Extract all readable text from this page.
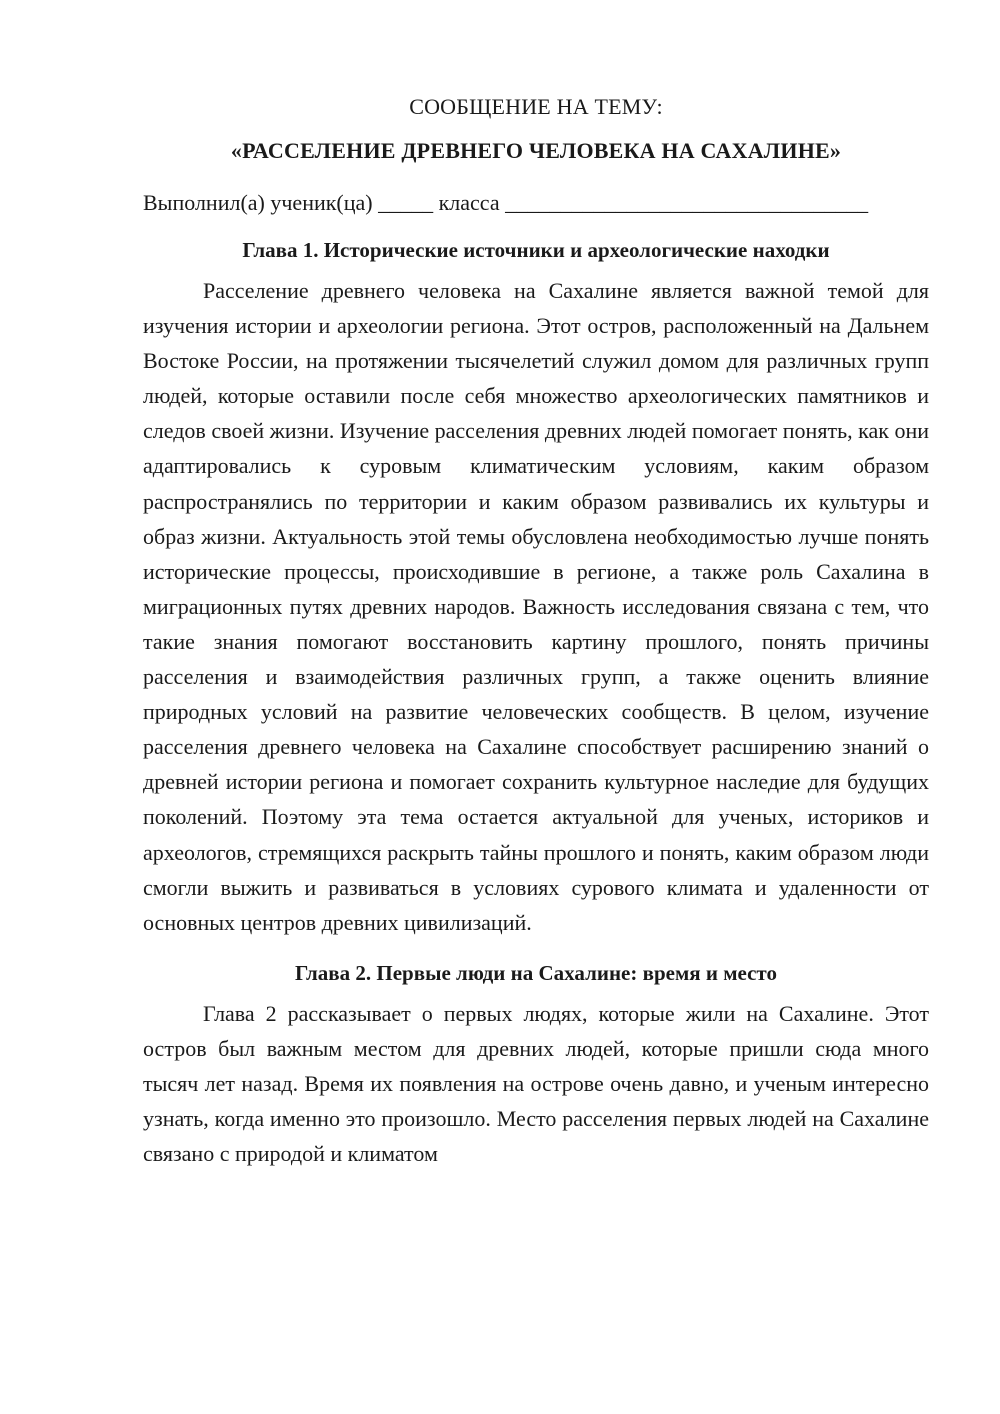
СООБЩЕНИЕ НА ТЕМУ:

«РАССЕЛЕНИЕ ДРЕВНЕГО ЧЕЛОВЕКА НА САХАЛИНЕ»

Выполнил(а) ученик(ца) _____ класса _________________________________

Глава 1. Исторические источники и археологические находки

Расселение древнего человека на Сахалине является важной темой для изучения истории и археологии региона. Этот остров, расположенный на Дальнем Востоке России, на протяжении тысячелетий служил домом для различных групп людей, которые оставили после себя множество археологических памятников и следов своей жизни. Изучение расселения древних людей помогает понять, как они адаптировались к суровым климатическим условиям, каким образом распространялись по территории и каким образом развивались их культуры и образ жизни. Актуальность этой темы обусловлена необходимостью лучше понять исторические процессы, происходившие в регионе, а также роль Сахалина в миграционных путях древних народов. Важность исследования связана с тем, что такие знания помогают восстановить картину прошлого, понять причины расселения и взаимодействия различных групп, а также оценить влияние природных условий на развитие человеческих сообществ. В целом, изучение расселения древнего человека на Сахалине способствует расширению знаний о древней истории региона и помогает сохранить культурное наследие для будущих поколений. Поэтому эта тема остается актуальной для ученых, историков и археологов, стремящихся раскрыть тайны прошлого и понять, каким образом люди смогли выжить и развиваться в условиях сурового климата и удаленности от основных центров древних цивилизаций.

Глава 2. Первые люди на Сахалине: время и место

Глава 2 рассказывает о первых людях, которые жили на Сахалине. Этот остров был важным местом для древних людей, которые пришли сюда много тысяч лет назад. Время их появления на острове очень давно, и ученым интересно узнать, когда именно это произошло. Место расселения первых людей на Сахалине связано с природой и климатом
